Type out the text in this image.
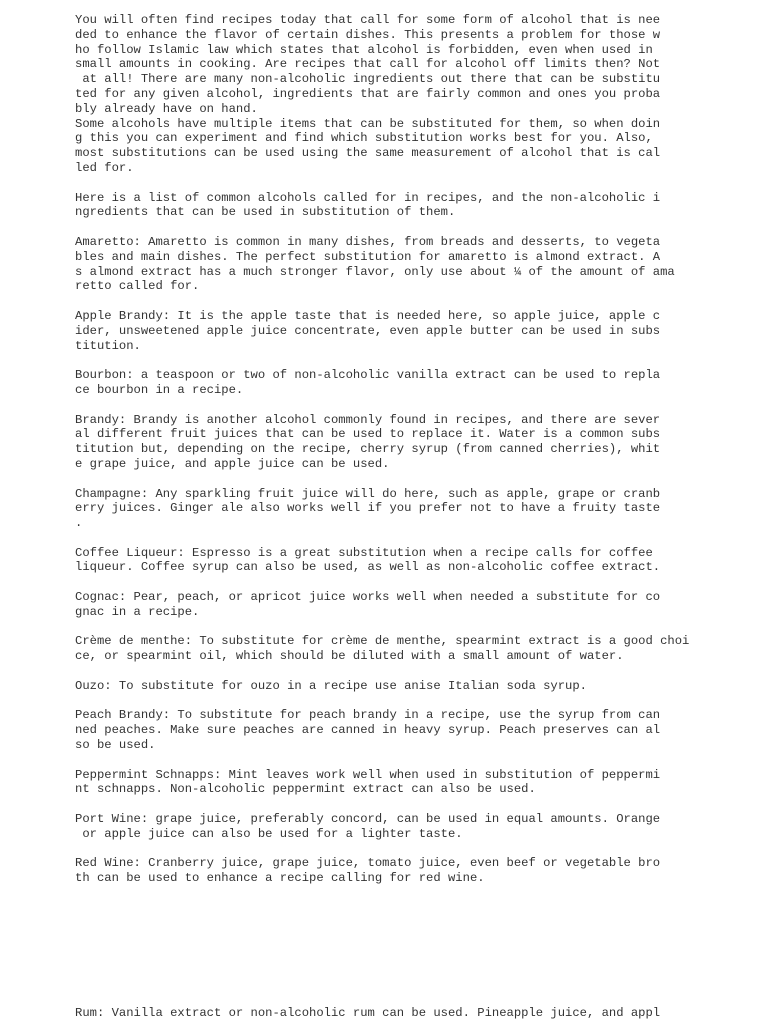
You will often find recipes today that call for some form of alcohol that is nee
ded to enhance the flavor of certain dishes. This presents a problem for those w
ho follow Islamic law which states that alcohol is forbidden, even when used in
small amounts in cooking. Are recipes that call for alcohol off limits then? Not
at all! There are many non-alcoholic ingredients out there that can be substitu
ted for any given alcohol, ingredients that are fairly common and ones you proba
bly already have on hand.
Some alcohols have multiple items that can be substituted for them, so when doin
g this you can experiment and find which substitution works best for you. Also,
most substitutions can be used using the same measurement of alcohol that is cal
led for.
Here is a list of common alcohols called for in recipes, and the non-alcoholic i
ngredients that can be used in substitution of them.
Amaretto: Amaretto is common in many dishes, from breads and desserts, to vegeta
bles and main dishes. The perfect substitution for amaretto is almond extract. A
s almond extract has a much stronger flavor, only use about ¼ of the amount of ama
retto called for.
Apple Brandy: It is the apple taste that is needed here, so apple juice, apple c
ider, unsweetened apple juice concentrate, even apple butter can be used in subs
titution.
Bourbon: a teaspoon or two of non-alcoholic vanilla extract can be used to repla
ce bourbon in a recipe.
Brandy: Brandy is another alcohol commonly found in recipes, and there are sever
al different fruit juices that can be used to replace it. Water is a common subs
titution but, depending on the recipe, cherry syrup (from canned cherries), whit
e grape juice, and apple juice can be used.
Champagne: Any sparkling fruit juice will do here, such as apple, grape or cranb
erry juices. Ginger ale also works well if you prefer not to have a fruity taste
.
Coffee Liqueur: Espresso is a great substitution when a recipe calls for coffee
liqueur. Coffee syrup can also be used, as well as non-alcoholic coffee extract.
Cognac: Pear, peach, or apricot juice works well when needed a substitute for co
gnac in a recipe.
Crème de menthe: To substitute for crème de menthe, spearmint extract is a good choi
ce, or spearmint oil, which should be diluted with a small amount of water.
Ouzo: To substitute for ouzo in a recipe use anise Italian soda syrup.
Peach Brandy: To substitute for peach brandy in a recipe, use the syrup from can
ned peaches. Make sure peaches are canned in heavy syrup. Peach preserves can al
so be used.
Peppermint Schnapps: Mint leaves work well when used in substitution of peppermi
nt schnapps. Non-alcoholic peppermint extract can also be used.
Port Wine: grape juice, preferably concord, can be used in equal amounts. Orange
or apple juice can also be used for a lighter taste.
Red Wine: Cranberry juice, grape juice, tomato juice, even beef or vegetable bro
th can be used to enhance a recipe calling for red wine.
Rum: Vanilla extract or non-alcoholic rum can be used. Pineapple juice, and appl
